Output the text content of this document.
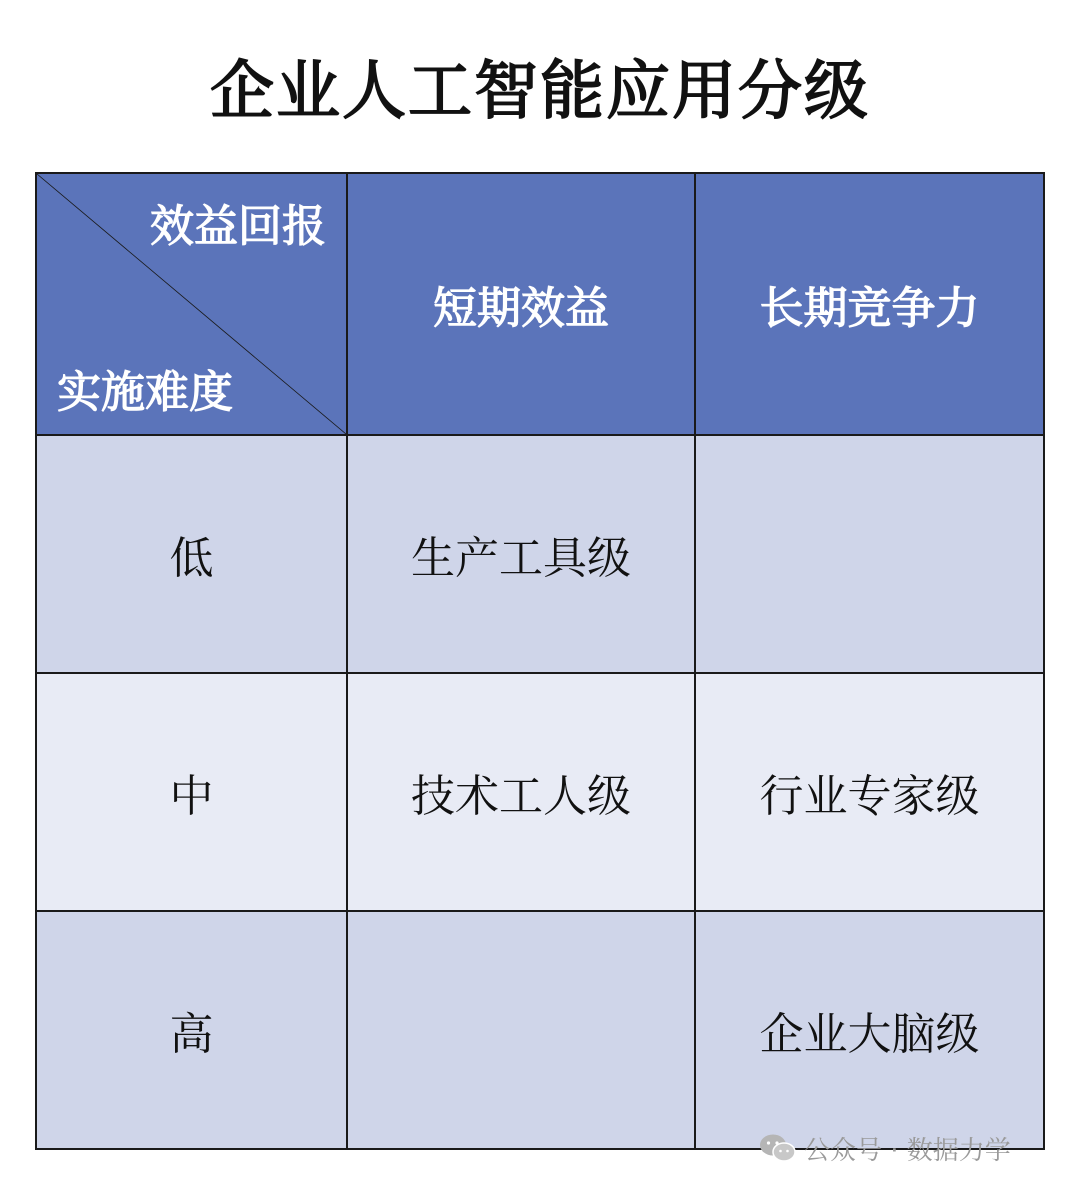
企业人工智能应用分级
效益回报
实施难度	短期效益	长期竞争力
低	生产工具级	
中	技术工人级	行业专家级
高		企业大脑级
公众号 · 数据力学
